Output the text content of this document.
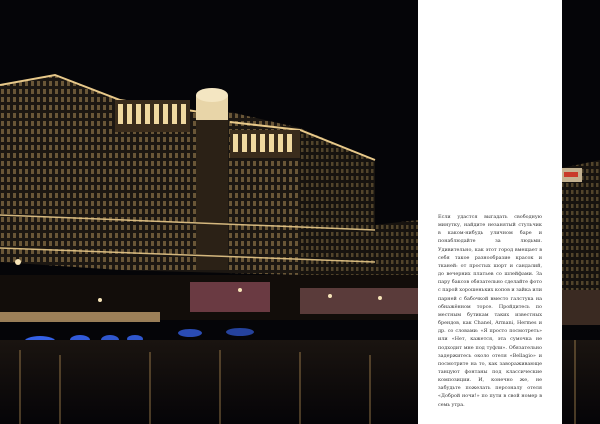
Если удастся выгадать свободную минутку, найдите незанятый стульчик в каком-нибудь уличном баре и понаблюдайте за людьми. Удивительно, как этот город вмещает в себя такое разнообразие красок и тканей: от простых шорт и сандалий, до вечерних платьев со шлейфами. За пару баксов обязательно сделайте фото с парой хорошеньких копов и зайка или парней с бабочкой вместо галстука на обнажённом торсе. Пройдитесь по местным бутикам таких известных брендов, как Chanel, Armani, Hermes и др. со словами: «Я просто посмотреть» или «Нет, кажется, эта сумочка не подходит мне под туфли». Обязательно задержитесь около отеля «Bellagio» и посмотрите на то, как завораживающе танцуют фонтаны под классические композиции. И, конечно же, не забудьте пожелать персоналу отеля «Доброй ночи!» по пути в свой номер в семь утра.
